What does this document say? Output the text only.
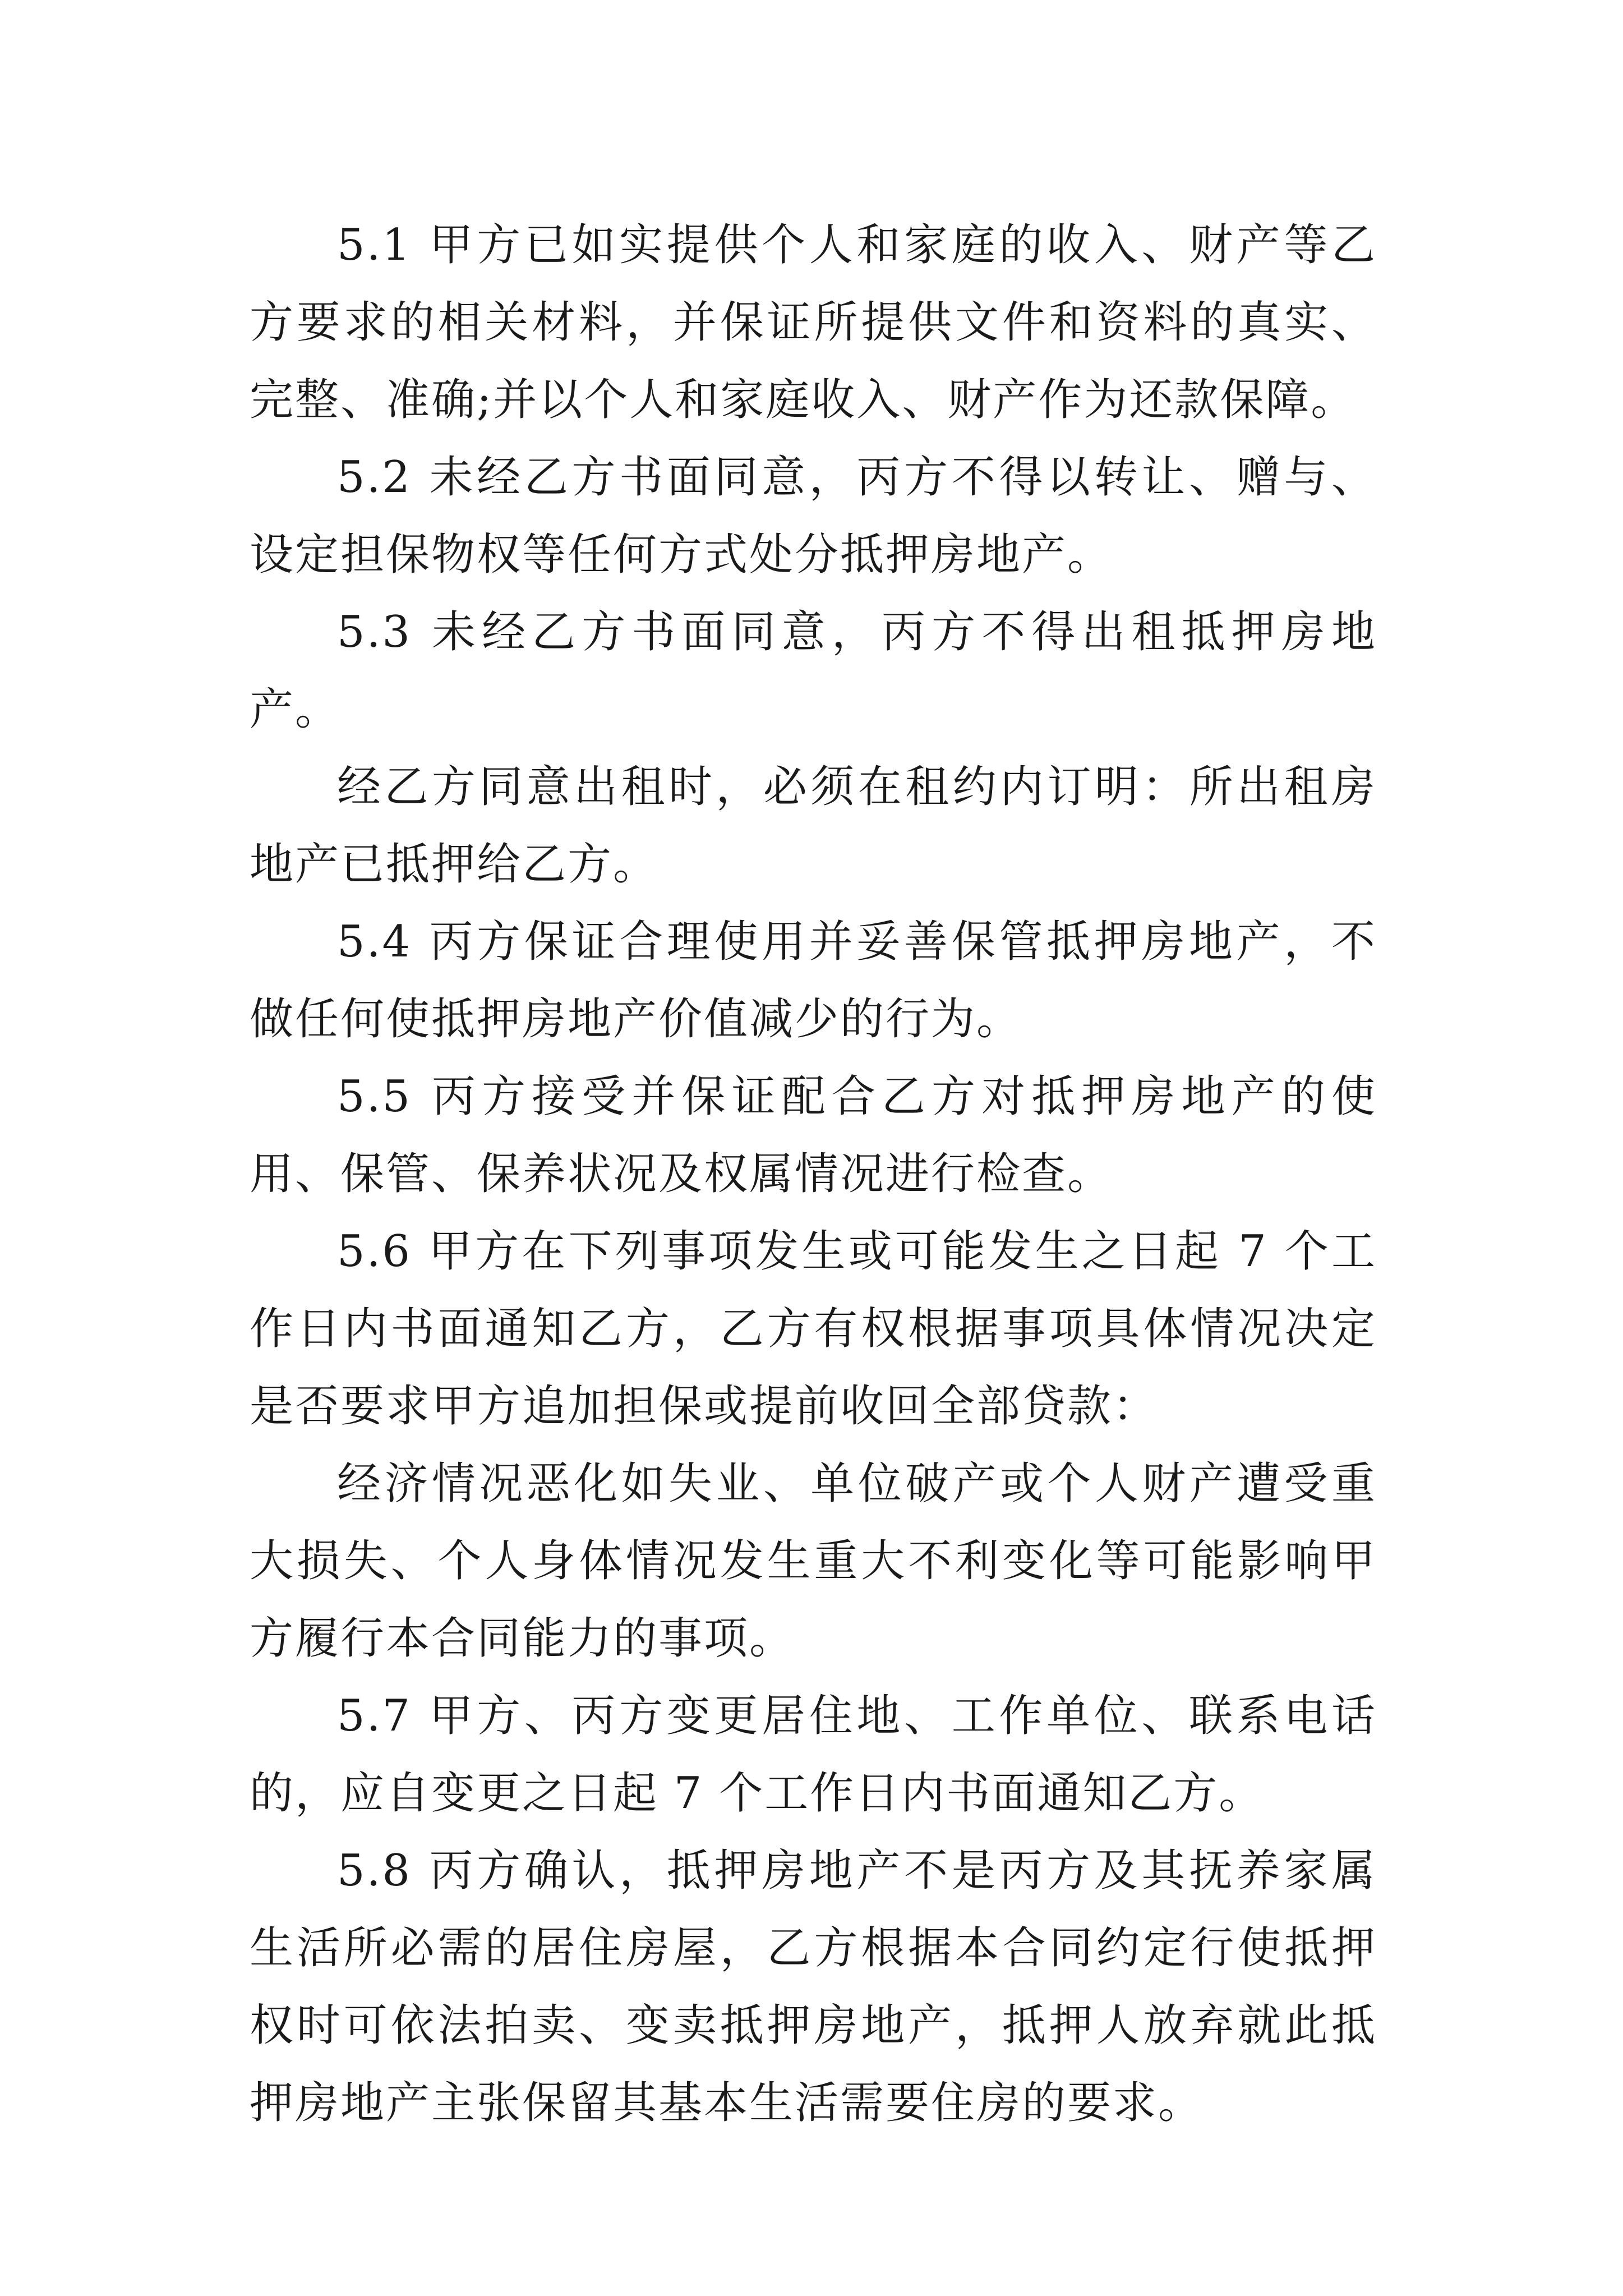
5.1 甲方已如实提供个人和家庭的收入、财产等乙方要求的相关材料，并保证所提供文件和资料的真实、完整、准确;并以个人和家庭收入、财产作为还款保障。

5.2 未经乙方书面同意，丙方不得以转让、赠与、设定担保物权等任何方式处分抵押房地产。

5.3 未经乙方书面同意，丙方不得出租抵押房地产。

经乙方同意出租时，必须在租约内订明：所出租房地产已抵押给乙方。

5.4 丙方保证合理使用并妥善保管抵押房地产，不做任何使抵押房地产价值减少的行为。

5.5 丙方接受并保证配合乙方对抵押房地产的使用、保管、保养状况及权属情况进行检查。

5.6 甲方在下列事项发生或可能发生之日起 7 个工作日内书面通知乙方，乙方有权根据事项具体情况决定是否要求甲方追加担保或提前收回全部贷款：

经济情况恶化如失业、单位破产或个人财产遭受重大损失、个人身体情况发生重大不利变化等可能影响甲方履行本合同能力的事项。

5.7 甲方、丙方变更居住地、工作单位、联系电话的，应自变更之日起 7 个工作日内书面通知乙方。

5.8 丙方确认，抵押房地产不是丙方及其抚养家属生活所必需的居住房屋，乙方根据本合同约定行使抵押权时可依法拍卖、变卖抵押房地产，抵押人放弃就此抵押房地产主张保留其基本生活需要住房的要求。
